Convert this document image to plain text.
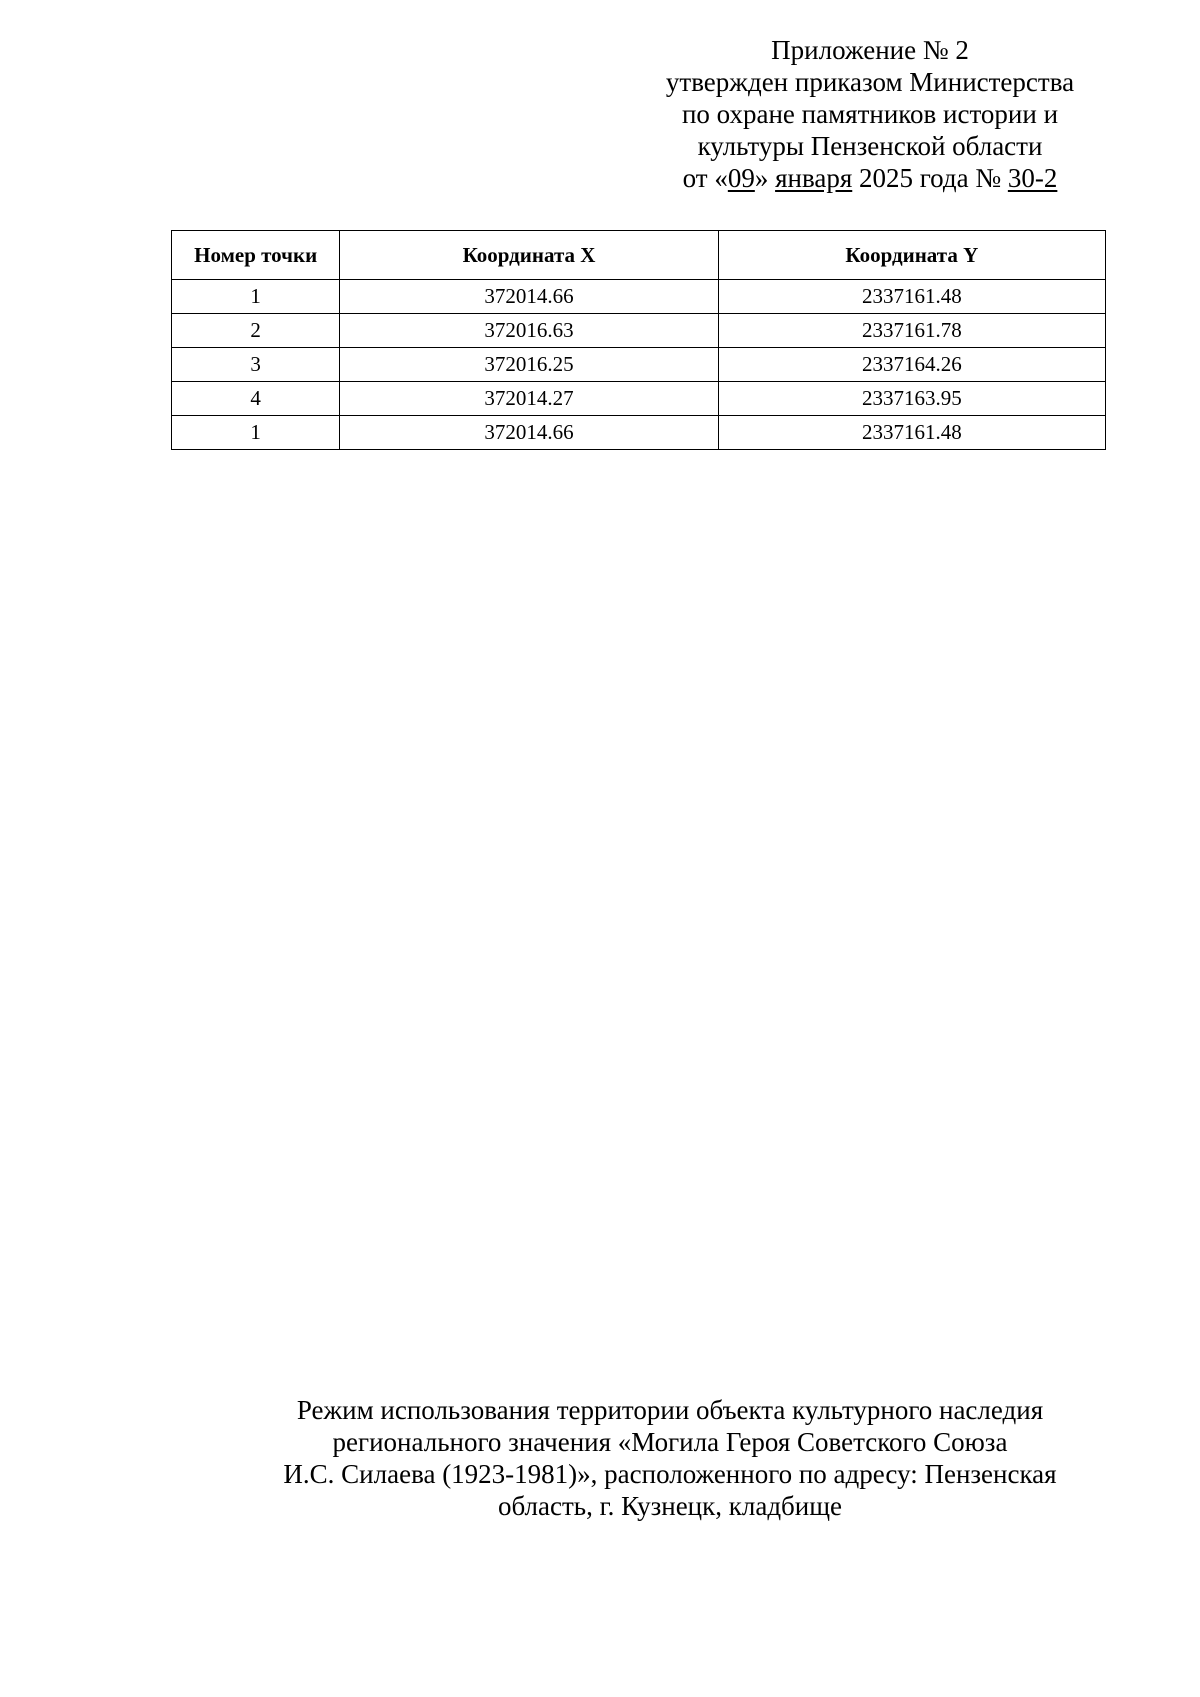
Приложение № 2
утвержден приказом Министерства
по охране памятников истории и
культуры Пензенской области
от «09» января 2025 года № 30-2
Номер точки	Координата X	Координата Y
1	372014.66	2337161.48
2	372016.63	2337161.78
3	372016.25	2337164.26
4	372014.27	2337163.95
1	372014.66	2337161.48
Режим использования территории объекта культурного наследия
регионального значения «Могила Героя Советского Союза
И.С. Силаева (1923-1981)», расположенного по адресу: Пензенская
область, г. Кузнецк, кладбище
